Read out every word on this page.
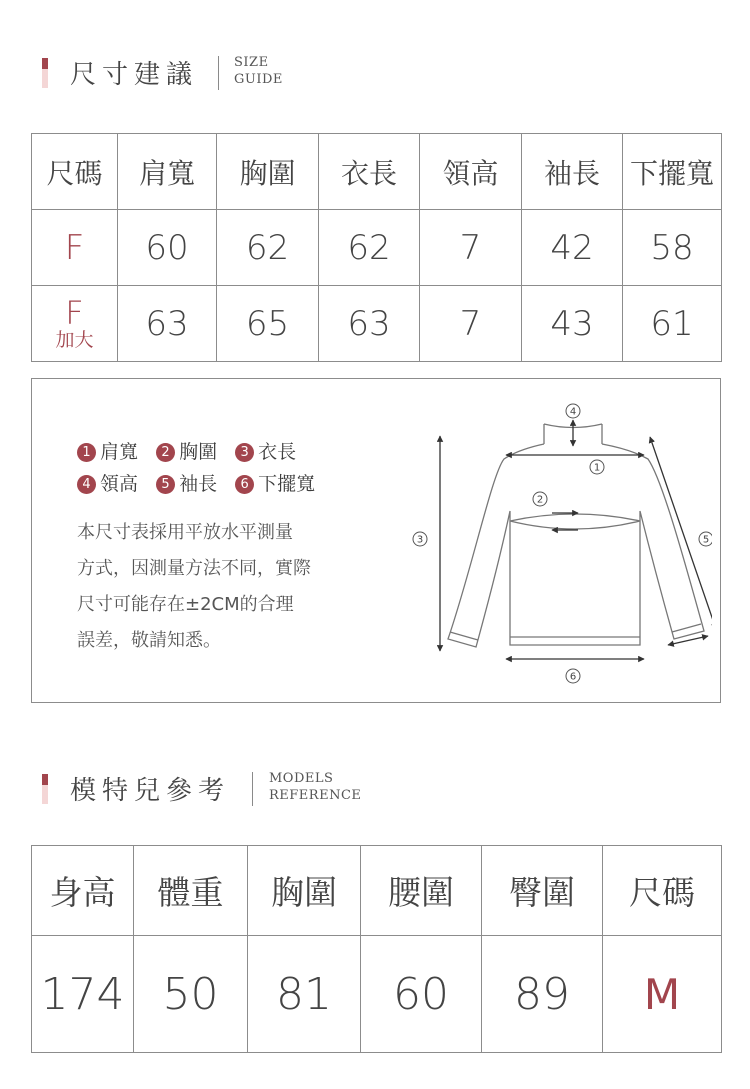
尺寸建議	SIZE
GUIDE
尺碼	肩寬	胸圍	衣長	領高	袖長	下擺寬
F	60	62	62	7	42	58

F
加大	63	65	63	7	43	61
1 肩寬 2 胸圍 3 衣長
4 領高 5 袖長 6 下擺寬
本尺寸表採用平放水平測量
方式，因測量方法不同，實際
尺寸可能存在±2CM的合理
誤差，敬請知悉。
4
1
2
3	5
6
模特兒參考	MODELS
REFERENCE
身高	體重	胸圍	腰圍	臀圍	尺碼
174	50	81	60	89	M
